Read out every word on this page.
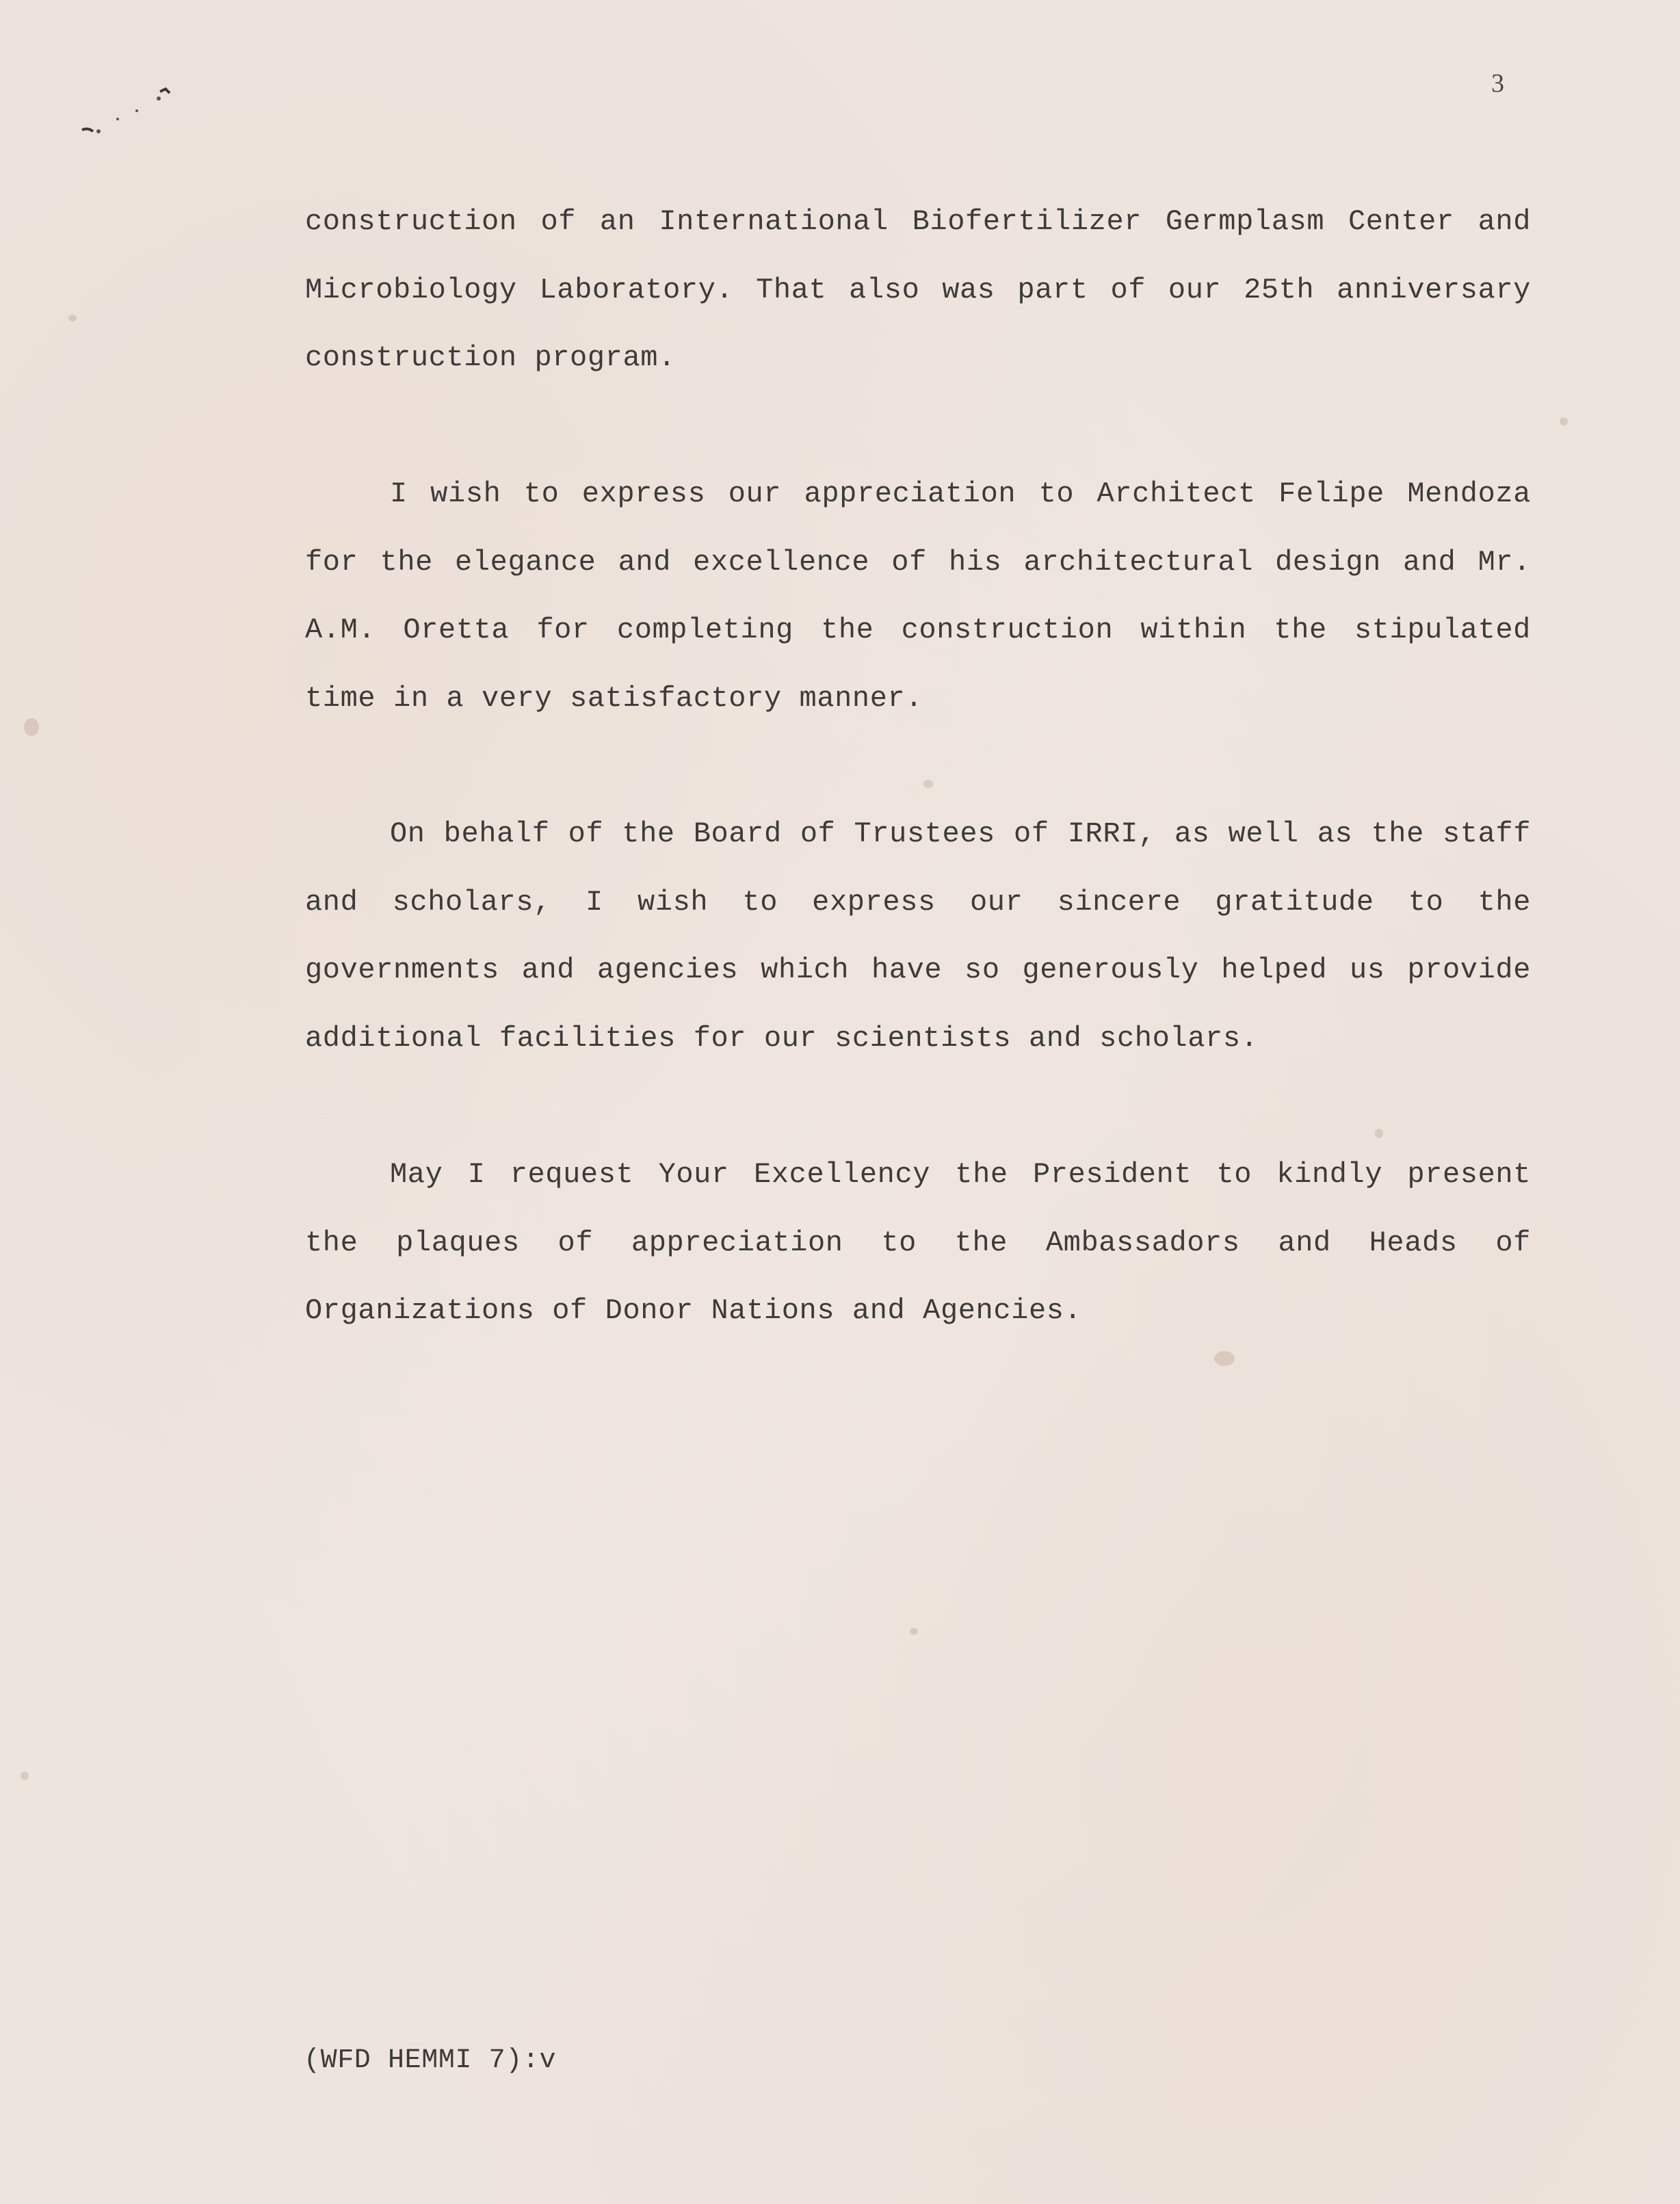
3

construction of an International Biofertilizer Germplasm Center and Microbiology Laboratory. That also was part of our 25th anniversary construction program.

I wish to express our appreciation to Architect Felipe Mendoza for the elegance and excellence of his architectural design and Mr. A.M. Oretta for completing the construction within the stipulated time in a very satisfactory manner.

On behalf of the Board of Trustees of IRRI, as well as the staff and scholars, I wish to express our sincere gratitude to the governments and agencies which have so generously helped us provide additional facilities for our scientists and scholars.

May I request Your Excellency the President to kindly present the plaques of appreciation to the Ambassadors and Heads of Organizations of Donor Nations and Agencies.

(WFD HEMMI 7):v
